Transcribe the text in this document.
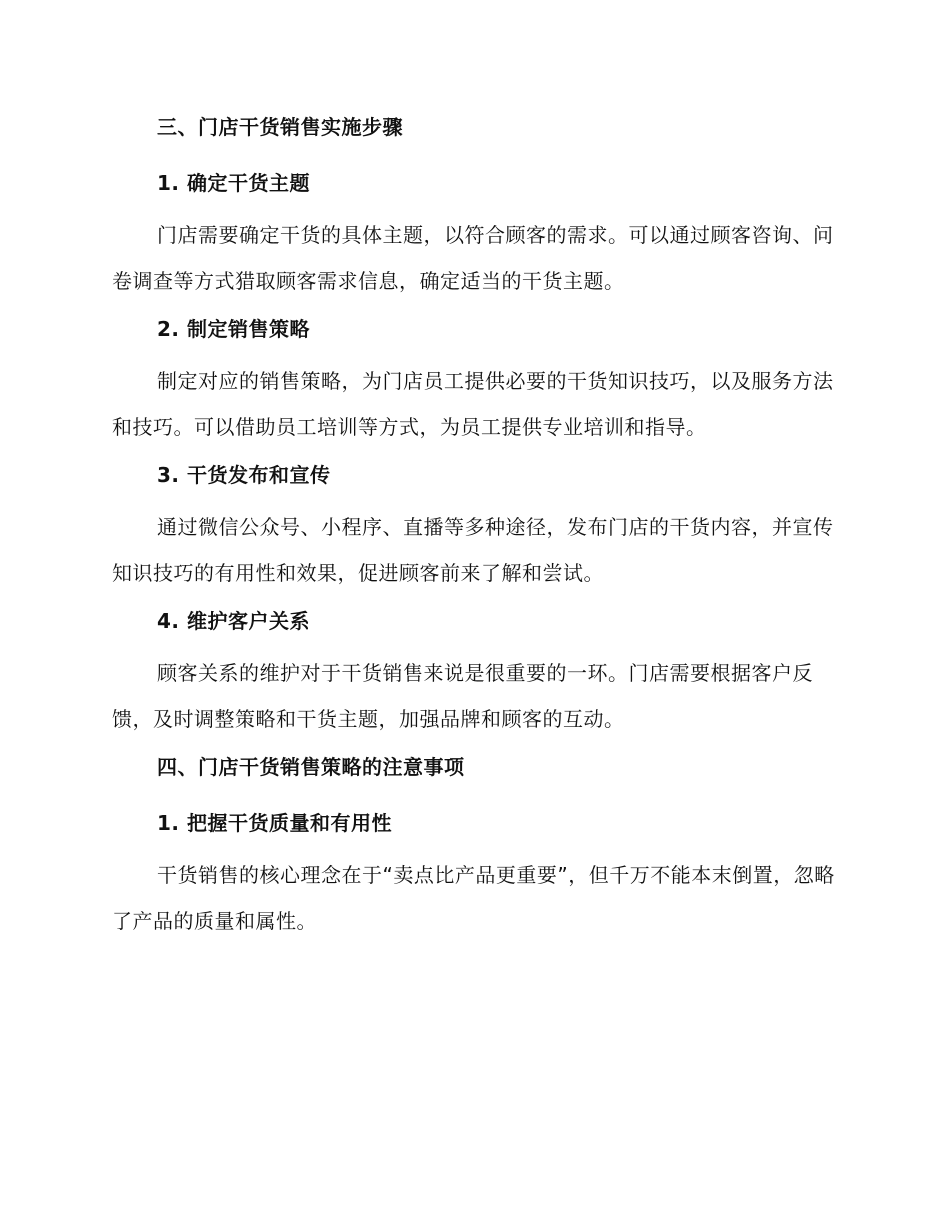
三、门店干货销售实施步骤
1. 确定干货主题

门店需要确定干货的具体主题，以符合顾客的需求。可以通过顾客咨询、问卷调查等方式猎取顾客需求信息，确定适当的干货主题。

2. 制定销售策略

制定对应的销售策略，为门店员工提供必要的干货知识技巧，以及服务方法和技巧。可以借助员工培训等方式，为员工提供专业培训和指导。

3. 干货发布和宣传

通过微信公众号、小程序、直播等多种途径，发布门店的干货内容，并宣传知识技巧的有用性和效果，促进顾客前来了解和尝试。

4. 维护客户关系

顾客关系的维护对于干货销售来说是很重要的一环。门店需要根据客户反馈，及时调整策略和干货主题，加强品牌和顾客的互动。

四、门店干货销售策略的注意事项
1. 把握干货质量和有用性

干货销售的核心理念在于“卖点比产品更重要”，但千万不能本末倒置，忽略了产品的质量和属性。
